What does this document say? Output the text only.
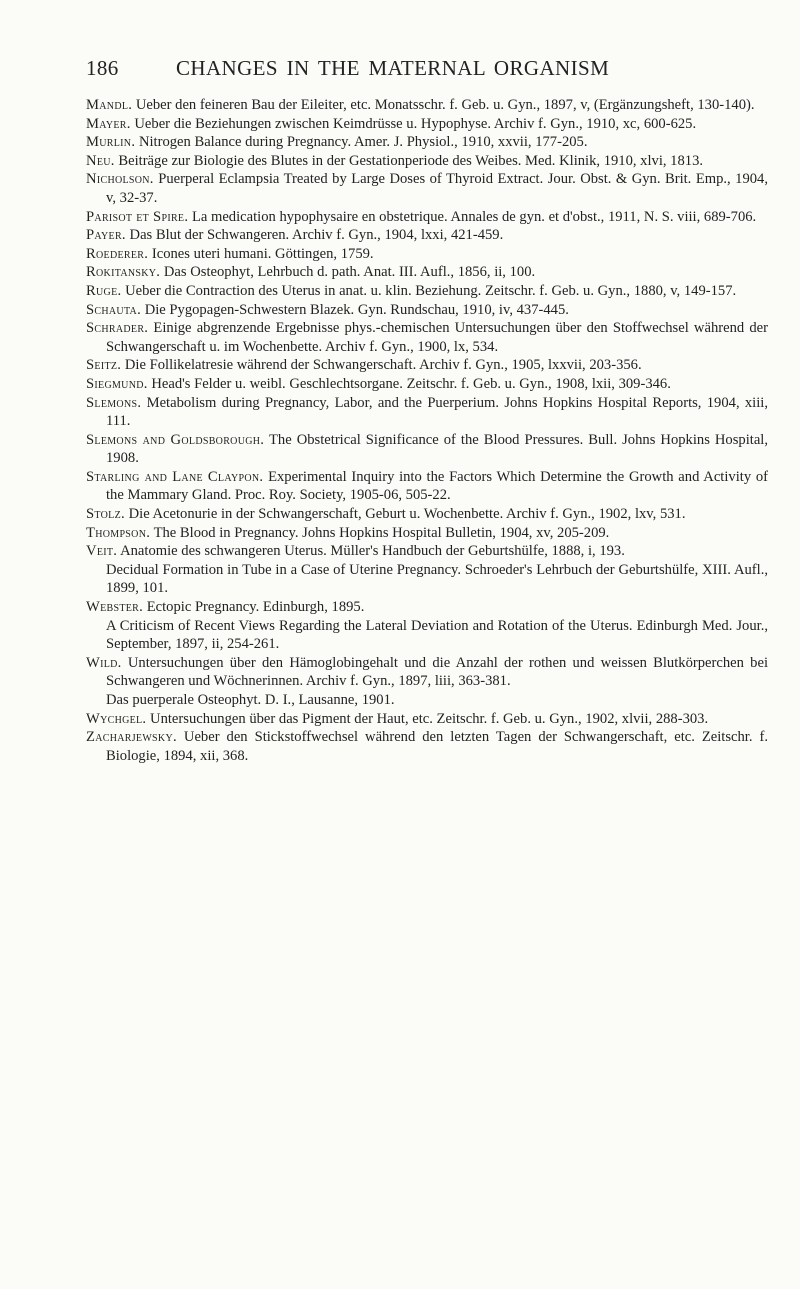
186	CHANGES IN THE MATERNAL ORGANISM

Mandl. Ueber den feineren Bau der Eileiter, etc. Monatsschr. f. Geb. u. Gyn., 1897, v, (Ergänzungsheft, 130-140).

Mayer. Ueber die Beziehungen zwischen Keimdrüsse u. Hypophyse. Archiv f. Gyn., 1910, xc, 600-625.

Murlin. Nitrogen Balance during Pregnancy. Amer. J. Physiol., 1910, xxvii, 177-205.

Neu. Beiträge zur Biologie des Blutes in der Gestationperiode des Weibes. Med. Klinik, 1910, xlvi, 1813.

Nicholson. Puerperal Eclampsia Treated by Large Doses of Thyroid Extract. Jour. Obst. & Gyn. Brit. Emp., 1904, v, 32-37.

Parisot et Spire. La medication hypophysaire en obstetrique. Annales de gyn. et d'obst., 1911, N. S. viii, 689-706.

Payer. Das Blut der Schwangeren. Archiv f. Gyn., 1904, lxxi, 421-459.

Roederer. Icones uteri humani. Göttingen, 1759.

Rokitansky. Das Osteophyt, Lehrbuch d. path. Anat. III. Aufl., 1856, ii, 100.

Ruge. Ueber die Contraction des Uterus in anat. u. klin. Beziehung. Zeitschr. f. Geb. u. Gyn., 1880, v, 149-157.

Schauta. Die Pygopagen-Schwestern Blazek. Gyn. Rundschau, 1910, iv, 437-445.

Schrader. Einige abgrenzende Ergebnisse phys.-chemischen Untersuchungen über den Stoffwechsel während der Schwangerschaft u. im Wochenbette. Archiv f. Gyn., 1900, lx, 534.

Seitz. Die Follikelatresie während der Schwangerschaft. Archiv f. Gyn., 1905, lxxvii, 203-356.

Siegmund. Head's Felder u. weibl. Geschlechtsorgane. Zeitschr. f. Geb. u. Gyn., 1908, lxii, 309-346.

Slemons. Metabolism during Pregnancy, Labor, and the Puerperium. Johns Hopkins Hospital Reports, 1904, xiii, 111.

Slemons and Goldsborough. The Obstetrical Significance of the Blood Pressures. Bull. Johns Hopkins Hospital, 1908.

Starling and Lane Claypon. Experimental Inquiry into the Factors Which Determine the Growth and Activity of the Mammary Gland. Proc. Roy. Society, 1905-06, 505-22.

Stolz. Die Acetonurie in der Schwangerschaft, Geburt u. Wochenbette. Archiv f. Gyn., 1902, lxv, 531.

Thompson. The Blood in Pregnancy. Johns Hopkins Hospital Bulletin, 1904, xv, 205-209.

Veit. Anatomie des schwangeren Uterus. Müller's Handbuch der Geburtshülfe, 1888, i, 193.

Decidual Formation in Tube in a Case of Uterine Pregnancy. Schroeder's Lehrbuch der Geburtshülfe, XIII. Aufl., 1899, 101.

Webster. Ectopic Pregnancy. Edinburgh, 1895.

A Criticism of Recent Views Regarding the Lateral Deviation and Rotation of the Uterus. Edinburgh Med. Jour., September, 1897, ii, 254-261.

Wild. Untersuchungen über den Hämoglobingehalt und die Anzahl der rothen und weissen Blutkörperchen bei Schwangeren und Wöchnerinnen. Archiv f. Gyn., 1897, liii, 363-381.

Das puerperale Osteophyt. D. I., Lausanne, 1901.

Wychgel. Untersuchungen über das Pigment der Haut, etc. Zeitschr. f. Geb. u. Gyn., 1902, xlvii, 288-303.

Zacharjewsky. Ueber den Stickstoffwechsel während den letzten Tagen der Schwangerschaft, etc. Zeitschr. f. Biologie, 1894, xii, 368.
